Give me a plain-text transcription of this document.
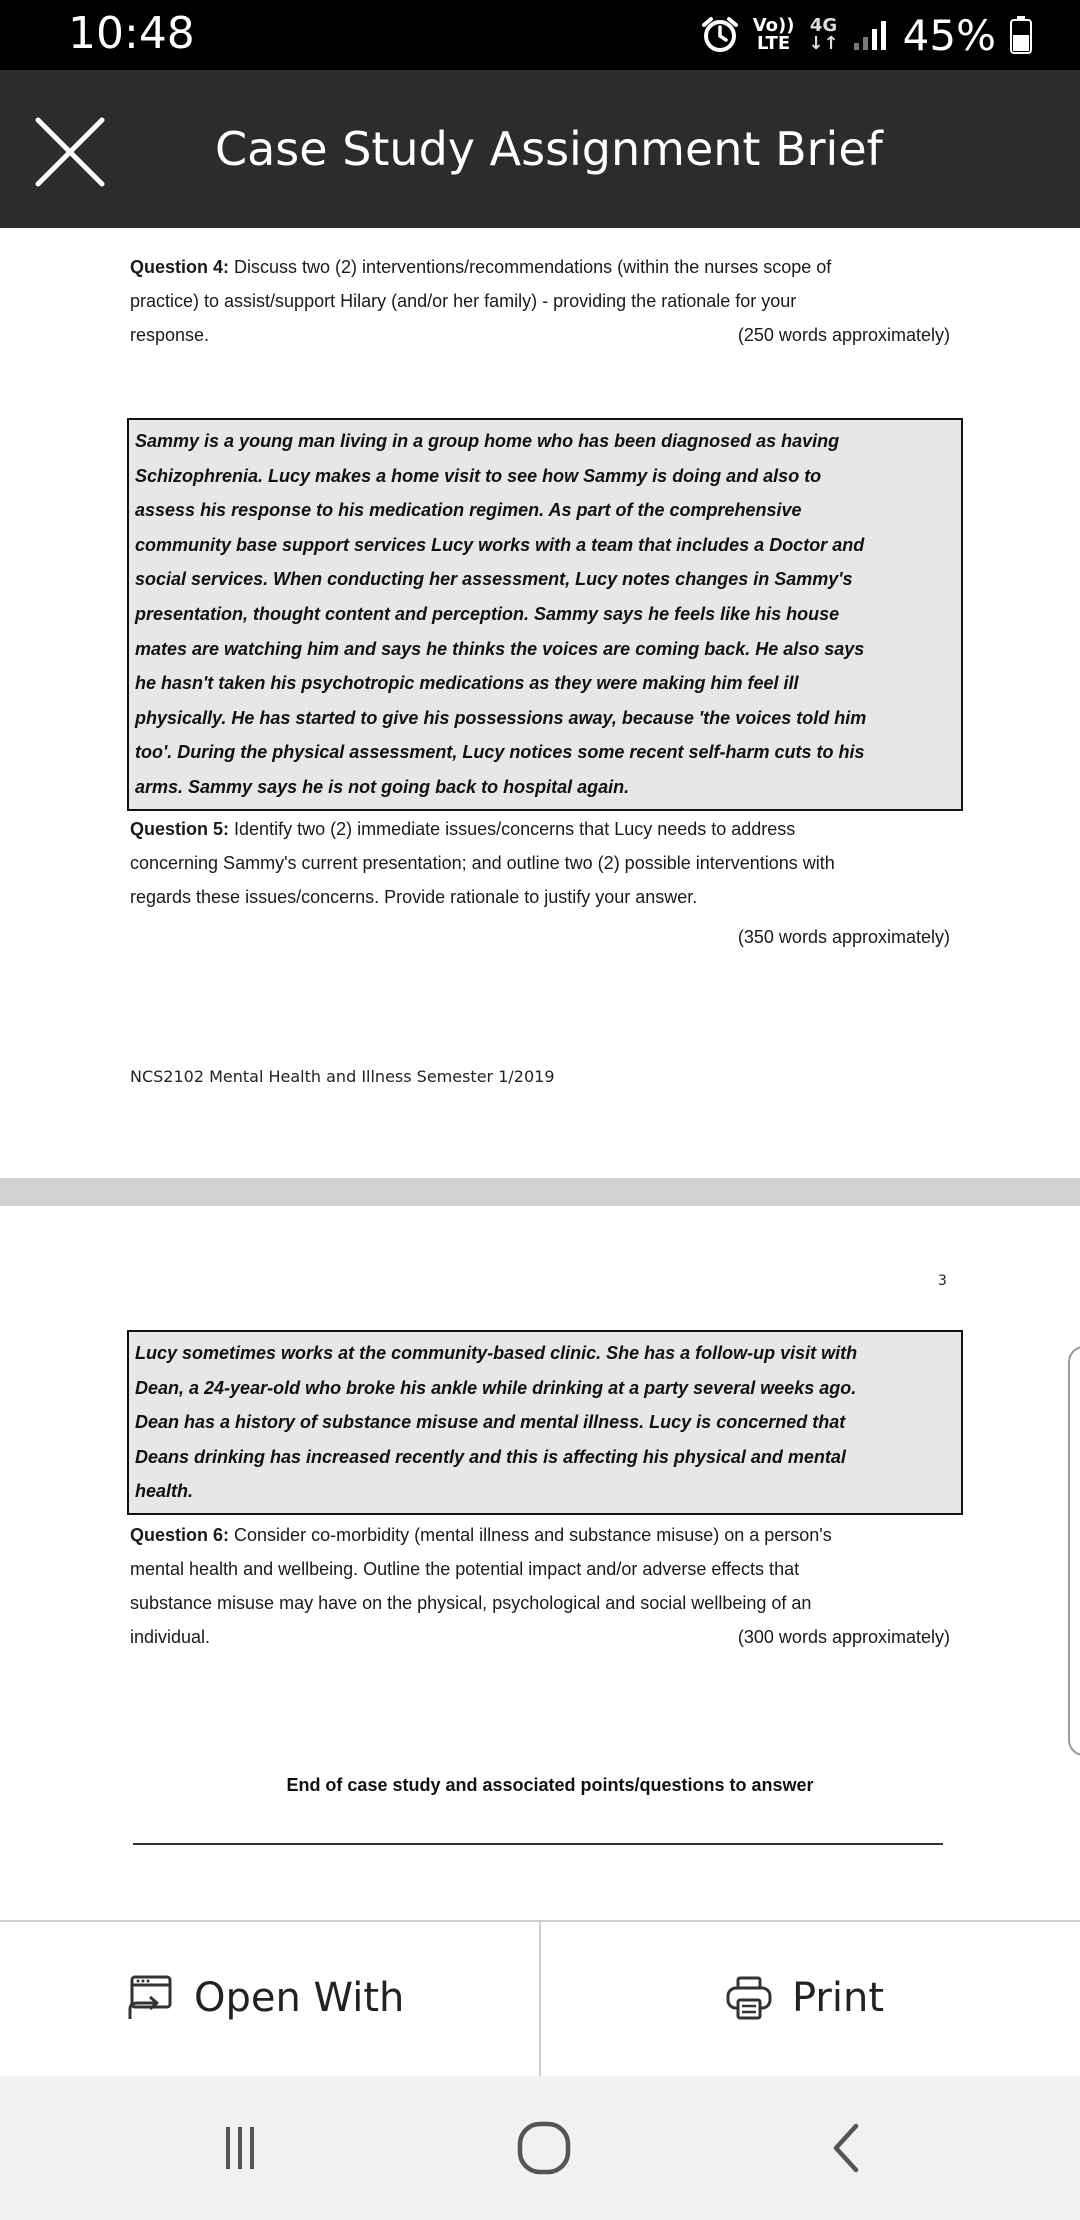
10:48	Vo))
LTE
4G
↓↑ 45%
Case Study Assignment Brief
Question 4: Discuss two (2) interventions/recommendations (within the nurses scope of
practice) to assist/support Hilary (and/or her family) - providing the rationale for your
response.	(250 words approximately)
Sammy is a young man living in a group home who has been diagnosed as having
Schizophrenia. Lucy makes a home visit to see how Sammy is doing and also to
assess his response to his medication regimen. As part of the comprehensive
community base support services Lucy works with a team that includes a Doctor and
social services. When conducting her assessment, Lucy notes changes in Sammy's
presentation, thought content and perception. Sammy says he feels like his house
mates are watching him and says he thinks the voices are coming back. He also says
he hasn't taken his psychotropic medications as they were making him feel ill
physically. He has started to give his possessions away, because 'the voices told him
too'. During the physical assessment, Lucy notices some recent self-harm cuts to his
arms. Sammy says he is not going back to hospital again.
Question 5: Identify two (2) immediate issues/concerns that Lucy needs to address
concerning Sammy's current presentation; and outline two (2) possible interventions with
regards these issues/concerns. Provide rationale to justify your answer.
(350 words approximately)
NCS2102 Mental Health and Illness Semester 1/2019
3
Lucy sometimes works at the community-based clinic. She has a follow-up visit with
Dean, a 24-year-old who broke his ankle while drinking at a party several weeks ago.
Dean has a history of substance misuse and mental illness. Lucy is concerned that
Deans drinking has increased recently and this is affecting his physical and mental
health.
Question 6: Consider co-morbidity (mental illness and substance misuse) on a person's
mental health and wellbeing. Outline the potential impact and/or adverse effects that
substance misuse may have on the physical, psychological and social wellbeing of an
individual.	(300 words approximately)
End of case study and associated points/questions to answer
Open With	Print
